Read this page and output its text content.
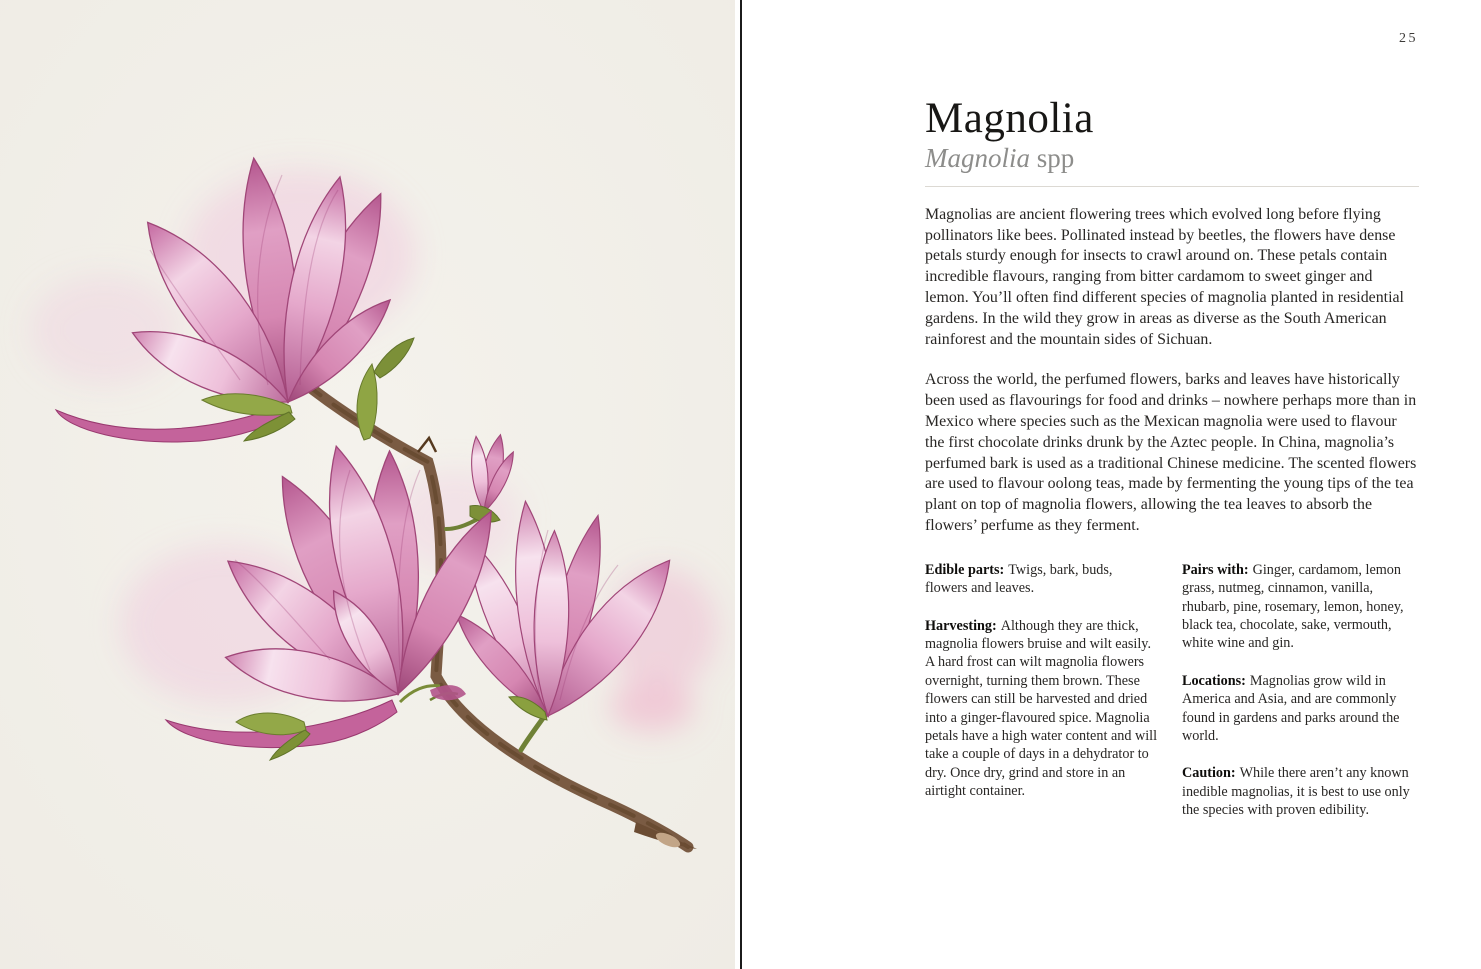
25
Magnolia
Magnolia spp

Magnolias are ancient flowering trees which evolved long before flying pollinators like bees. Pollinated instead by beetles, the flowers have dense petals sturdy enough for insects to crawl around on. These petals contain incredible flavours, ranging from bitter cardamom to sweet ginger and lemon. You’ll often find different species of magnolia planted in residential gardens. In the wild they grow in areas as diverse as the South American rainforest and the mountain sides of Sichuan.

Across the world, the perfumed flowers, barks and leaves have historically been used as flavourings for food and drinks – nowhere perhaps more than in Mexico where species such as the Mexican magnolia were used to flavour the first chocolate drinks drunk by the Aztec people. In China, magnolia’s perfumed bark is used as a traditional Chinese medicine. The scented flowers are used to flavour oolong teas, made by fermenting the young tips of the tea plant on top of magnolia flowers, allowing the tea leaves to absorb the flowers’ perfume as they ferment.

Edible parts: Twigs, bark, buds, flowers and leaves.

Harvesting: Although they are thick, magnolia flowers bruise and wilt easily. A hard frost can wilt magnolia flowers overnight, turning them brown. These flowers can still be harvested and dried into a ginger-flavoured spice. Magnolia petals have a high water content and will take a couple of days in a dehydrator to dry. Once dry, grind and store in an airtight container.

Pairs with: Ginger, cardamom, lemon grass, nutmeg, cinnamon, vanilla, rhubarb, pine, rosemary, lemon, honey, black tea, chocolate, sake, vermouth, white wine and gin.

Locations: Magnolias grow wild in America and Asia, and are commonly found in gardens and parks around the world.

Caution: While there aren’t any known inedible magnolias, it is best to use only the species with proven edibility.
